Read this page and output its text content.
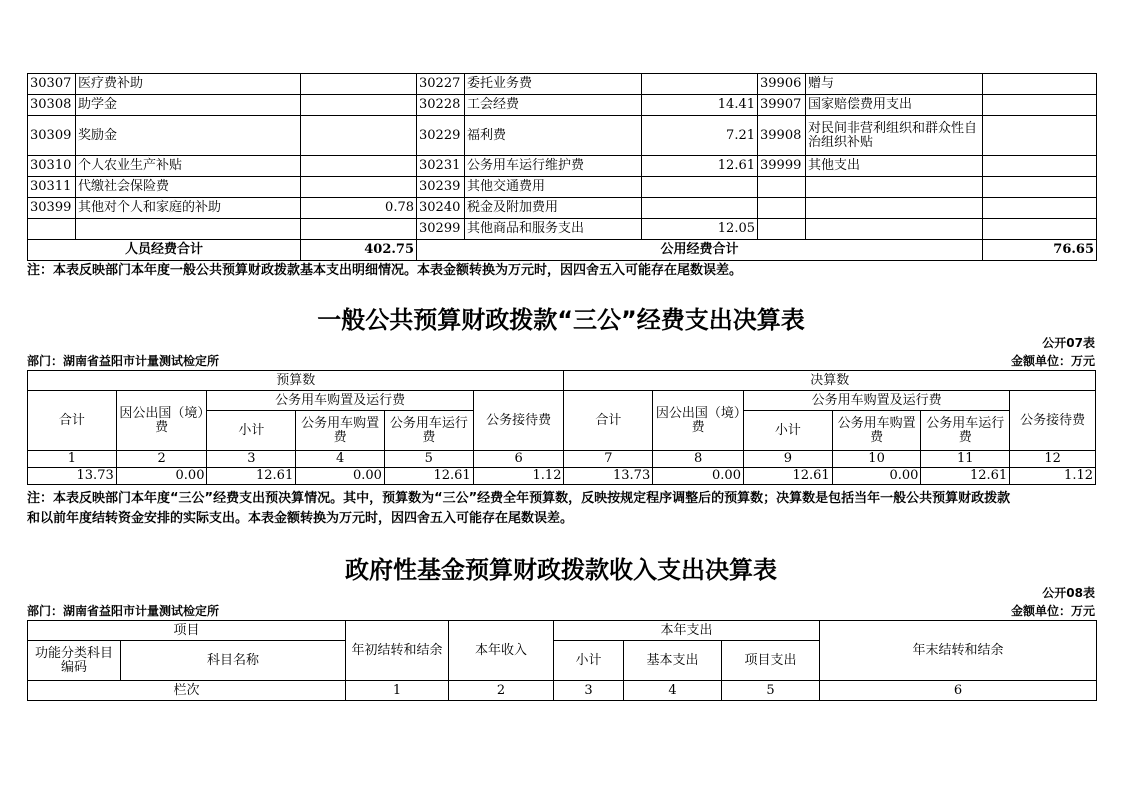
30307	医疗费补助		30227	委托业务费		39906	赠与	
30308	助学金		30228	工会经费	14.41	39907	国家赔偿费用支出	
30309	奖励金		30229	福利费	7.21	39908	对民间非营利组织和群众性自治组织补贴	
30310	个人农业生产补贴		30231	公务用车运行维护费	12.61	39999	其他支出	
30311	代缴社会保险费		30239	其他交通费用				
30399	其他对个人和家庭的补助	0.78	30240	税金及附加费用				
			30299	其他商品和服务支出	12.05			
人员经费合计		402.75	公用经费合计					76.65
注：本表反映部门本年度一般公共预算财政拨款基本支出明细情况。本表金额转换为万元时，因四舍五入可能存在尾数误差。
一般公共预算财政拨款“三公”经费支出决算表
公开07表
部门：湖南省益阳市计量测试检定所	金额单位：万元
预算数						决算数					
合计	因公出国（境）费	公务用车购置及运行费			公务接待费	合计	因公出国（境）费	公务用车购置及运行费			公务接待费
		小计	公务用车购置费	公务用车运行费				小计	公务用车购置费	公务用车运行费	
1	2	3	4	5	6	7	8	9	10	11	12
13.73	0.00	12.61	0.00	12.61	1.12	13.73	0.00	12.61	0.00	12.61	1.12
注：本表反映部门本年度“三公”经费支出预决算情况。其中，预算数为“三公”经费全年预算数，反映按规定程序调整后的预算数；决算数是包括当年一般公共预算财政拨款
和以前年度结转资金安排的实际支出。本表金额转换为万元时，因四舍五入可能存在尾数误差。
政府性基金预算财政拨款收入支出决算表
公开08表
部门：湖南省益阳市计量测试检定所	金额单位：万元
项目		年初结转和结余	本年收入	本年支出			年末结转和结余
功能分类科目编码	科目名称			小计	基本支出	项目支出	
栏次		1	2	3	4	5	6
